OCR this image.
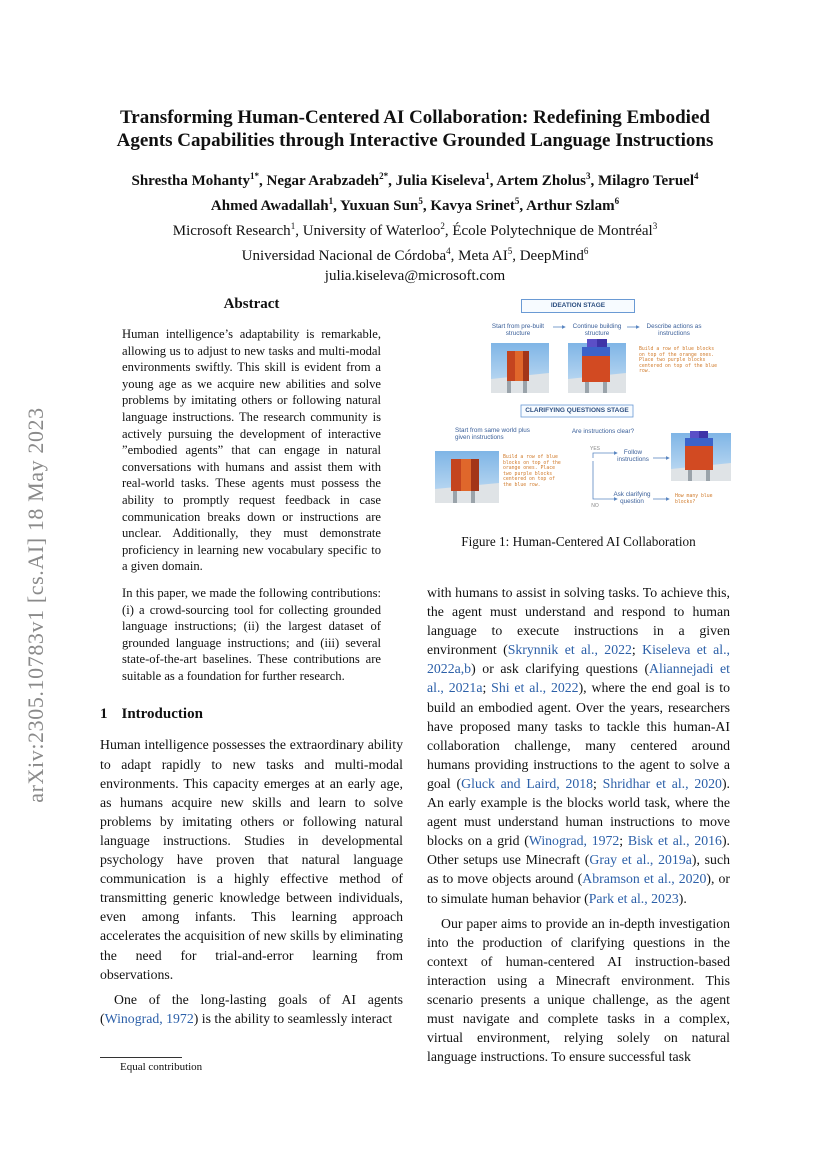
arXiv:2305.10783v1 [cs.AI] 18 May 2023
Transforming Human-Centered AI Collaboration: Redefining Embodied
Agents Capabilities through Interactive Grounded Language Instructions
Shrestha Mohanty$^{1*}$, Negar Arabzadeh$^{2*}$, Julia Kiseleva$^1$, Artem Zholus$^3$, Milagro Teruel$^4$
Ahmed Awadallah$^1$, Yuxuan Sun$^5$, Kavya Srinet$^5$, Arthur Szlam$^6$
Microsoft Research$^1$, University of Waterloo$^2$, École Polytechnique de Montréal$^3$
Universidad Nacional de Córdoba$^4$, Meta $AI^5$, DeepMind$^6$
julia.kiseleva@microsoft.com
Abstract

Human intelligence’s adaptability is remarkable, allowing us to adjust to new tasks and multi-modal environments swiftly. This skill is evident from a young age as we acquire new abilities and solve problems by imitating others or following natural language instructions. The research community is actively pursuing the development of interactive ”embodied agents” that can engage in natural conversations with humans and assist them with real-world tasks. These agents must possess the ability to promptly request feedback in case communication breaks down or instructions are unclear. Additionally, they must demonstrate proficiency in learning new vocabulary specific to a given domain.

In this paper, we made the following contributions: (i) a crowd-sourcing tool for collecting grounded language instructions; (ii) the largest dataset of grounded language instructions; and (iii) several state-of-the-art baselines. These contributions are suitable as a foundation for further research.

1 Introduction

Human intelligence possesses the extraordinary ability to adapt rapidly to new tasks and multi-modal environments. This capacity emerges at an early age, as humans acquire new skills and learn to solve problems by imitating others or following natural language instructions. Studies in developmental psychology have proven that natural language communication is a highly effective method of transmitting generic knowledge between individuals, even among infants. This learning approach accelerates the acquisition of new skills by eliminating the need for trial-and-error learning from observations.

One of the long-lasting goals of AI agents (Winograd, 1972) is the ability to seamlessly interact

Equal contribution
IDEATION STAGE
Start from pre-built structure
Continue building structure
Describe actions as instructions
CLARIFYING QUESTIONS STAGE
Build a row of blue blocks on top of the orange ones. Place two purple blocks centered on top of the blue row.
Start from same world plus given instructions
Are instructions clear?
Build a row of blue blocks on top of the orange ones. Place two purple blocks centered on top of the blue row.
YES
NO
Follow instructions
Ask clarifying question
How many blue blocks?
Figure 1: Human-Centered AI Collaboration

with humans to assist in solving tasks. To achieve this, the agent must understand and respond to human language to execute instructions in a given environment (Skrynnik et al., 2022; Kiseleva et al., 2022a,b) or ask clarifying questions (Aliannejadi et al., 2021a; Shi et al., 2022), where the end goal is to build an embodied agent. Over the years, researchers have proposed many tasks to tackle this human-AI collaboration challenge, many centered around humans providing instructions to the agent to solve a goal (Gluck and Laird, 2018; Shridhar et al., 2020). An early example is the blocks world task, where the agent must understand human instructions to move blocks on a grid (Winograd, 1972; Bisk et al., 2016). Other setups use Minecraft (Gray et al., 2019a), such as to move objects around (Abramson et al., 2020), or to simulate human behavior (Park et al., 2023).

Our paper aims to provide an in-depth investigation into the production of clarifying questions in the context of human-centered AI instruction-based interaction using a Minecraft environment. This scenario presents a unique challenge, as the agent must navigate and complete tasks in a complex, virtual environment, relying solely on natural language instructions. To ensure successful task
